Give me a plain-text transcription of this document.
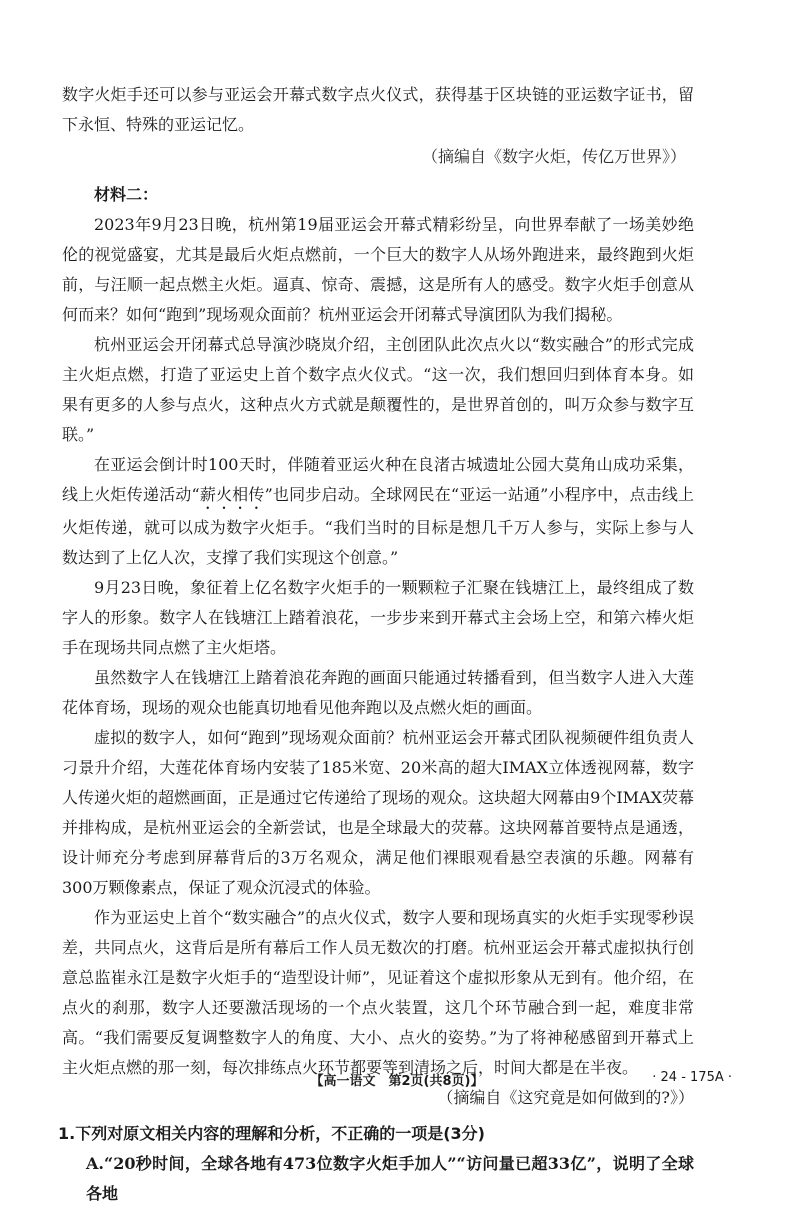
数字火炬手还可以参与亚运会开幕式数字点火仪式，获得基于区块链的亚运数字证书，留下永恒、特殊的亚运记忆。

（摘编自《数字火炬，传亿万世界》）

材料二：

2023年9月23日晚，杭州第19届亚运会开幕式精彩纷呈，向世界奉献了一场美妙绝伦的视觉盛宴，尤其是最后火炬点燃前，一个巨大的数字人从场外跑进来，最终跑到火炬前，与汪顺一起点燃主火炬。逼真、惊奇、震撼，这是所有人的感受。数字火炬手创意从何而来？如何“跑到”现场观众面前？杭州亚运会开闭幕式导演团队为我们揭秘。

杭州亚运会开闭幕式总导演沙晓岚介绍，主创团队此次点火以“数实融合”的形式完成主火炬点燃，打造了亚运史上首个数字点火仪式。“这一次，我们想回归到体育本身。如果有更多的人参与点火，这种点火方式就是颠覆性的，是世界首创的，叫万众参与数字互联。”

在亚运会倒计时100天时，伴随着亚运火种在良渚古城遗址公园大莫角山成功采集，线上火炬传递活动“薪火相传”也同步启动。全球网民在“亚运一站通”小程序中，点击线上火炬传递，就可以成为数字火炬手。“我们当时的目标是想几千万人参与，实际上参与人数达到了上亿人次，支撑了我们实现这个创意。”

9月23日晚，象征着上亿名数字火炬手的一颗颗粒子汇聚在钱塘江上，最终组成了数字人的形象。数字人在钱塘江上踏着浪花，一步步来到开幕式主会场上空，和第六棒火炬手在现场共同点燃了主火炬塔。

虽然数字人在钱塘江上踏着浪花奔跑的画面只能通过转播看到，但当数字人进入大莲花体育场，现场的观众也能真切地看见他奔跑以及点燃火炬的画面。

虚拟的数字人，如何“跑到”现场观众面前？杭州亚运会开幕式团队视频硬件组负责人刁景升介绍，大莲花体育场内安装了185米宽、20米高的超大IMAX立体透视网幕，数字人传递火炬的超燃画面，正是通过它传递给了现场的观众。这块超大网幕由9个IMAX荧幕并排构成，是杭州亚运会的全新尝试，也是全球最大的荧幕。这块网幕首要特点是通透，设计师充分考虑到屏幕背后的3万名观众，满足他们裸眼观看悬空表演的乐趣。网幕有300万颗像素点，保证了观众沉浸式的体验。

作为亚运史上首个“数实融合”的点火仪式，数字人要和现场真实的火炬手实现零秒误差，共同点火，这背后是所有幕后工作人员无数次的打磨。杭州亚运会开幕式虚拟执行创意总监崔永江是数字火炬手的“造型设计师”，见证着这个虚拟形象从无到有。他介绍，在点火的刹那，数字人还要激活现场的一个点火装置，这几个环节融合到一起，难度非常高。“我们需要反复调整数字人的角度、大小、点火的姿势。”为了将神秘感留到开幕式上主火炬点燃的那一刻，每次排练点火环节都要等到清场之后，时间大都是在半夜。

（摘编自《这究竟是如何做到的?》）

1.下列对原文相关内容的理解和分析，不正确的一项是(3分)

A.“20秒时间，全球各地有473位数字火炬手加人”“访问量已超33亿”，说明了全球各地

【高一语文　第2页(共8页)】	· 24 - 175A ·
